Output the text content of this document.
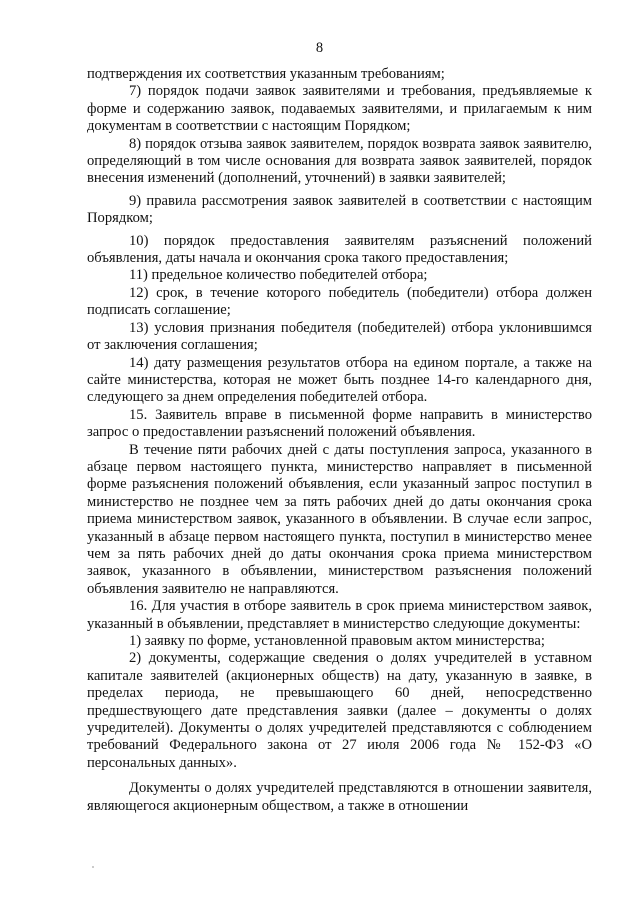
8

подтверждения их соответствия указанным требованиям;

7) порядок подачи заявок заявителями и требования, предъявляемые к форме и содержанию заявок, подаваемых заявителями, и прилагаемым к ним документам в соответствии с настоящим Порядком;

8) порядок отзыва заявок заявителем, порядок возврата заявок заявителю, определяющий в том числе основания для возврата заявок заявителей, порядок внесения изменений (дополнений, уточнений) в заявки заявителей;

9) правила рассмотрения заявок заявителей в соответствии с настоящим Порядком;

10) порядок предоставления заявителям разъяснений положений объявления, даты начала и окончания срока такого предоставления;

11) предельное количество победителей отбора;

12) срок, в течение которого победитель (победители) отбора должен подписать соглашение;

13) условия признания победителя (победителей) отбора уклонившимся от заключения соглашения;

14) дату размещения результатов отбора на едином портале, а также на сайте министерства, которая не может быть позднее 14-го календарного дня, следующего за днем определения победителей отбора.

15. Заявитель вправе в письменной форме направить в министерство запрос о предоставлении разъяснений положений объявления.

В течение пяти рабочих дней с даты поступления запроса, указанного в абзаце первом настоящего пункта, министерство направляет в письменной форме разъяснения положений объявления, если указанный запрос поступил в министерство не позднее чем за пять рабочих дней до даты окончания срока приема министерством заявок, указанного в объявлении. В случае если запрос, указанный в абзаце первом настоящего пункта, поступил в министерство менее чем за пять рабочих дней до даты окончания срока приема министерством заявок, указанного в объявлении, министерством разъяснения положений объявления заявителю не направляются.

16. Для участия в отборе заявитель в срок приема министерством заявок, указанный в объявлении, представляет в министерство следующие документы:

1) заявку по форме, установленной правовым актом министерства;

2) документы, содержащие сведения о долях учредителей в уставном капитале заявителей (акционерных обществ) на дату, указанную в заявке, в пределах периода, не превышающего 60 дней, непосредственно предшествующего дате представления заявки (далее – документы о долях учредителей). Документы о долях учредителей представляются с соблюдением требований Федерального закона от 27 июля 2006 года № 152-ФЗ «О персональных данных».

Документы о долях учредителей представляются в отношении заявителя, являющегося акционерным обществом, а также в отношении
